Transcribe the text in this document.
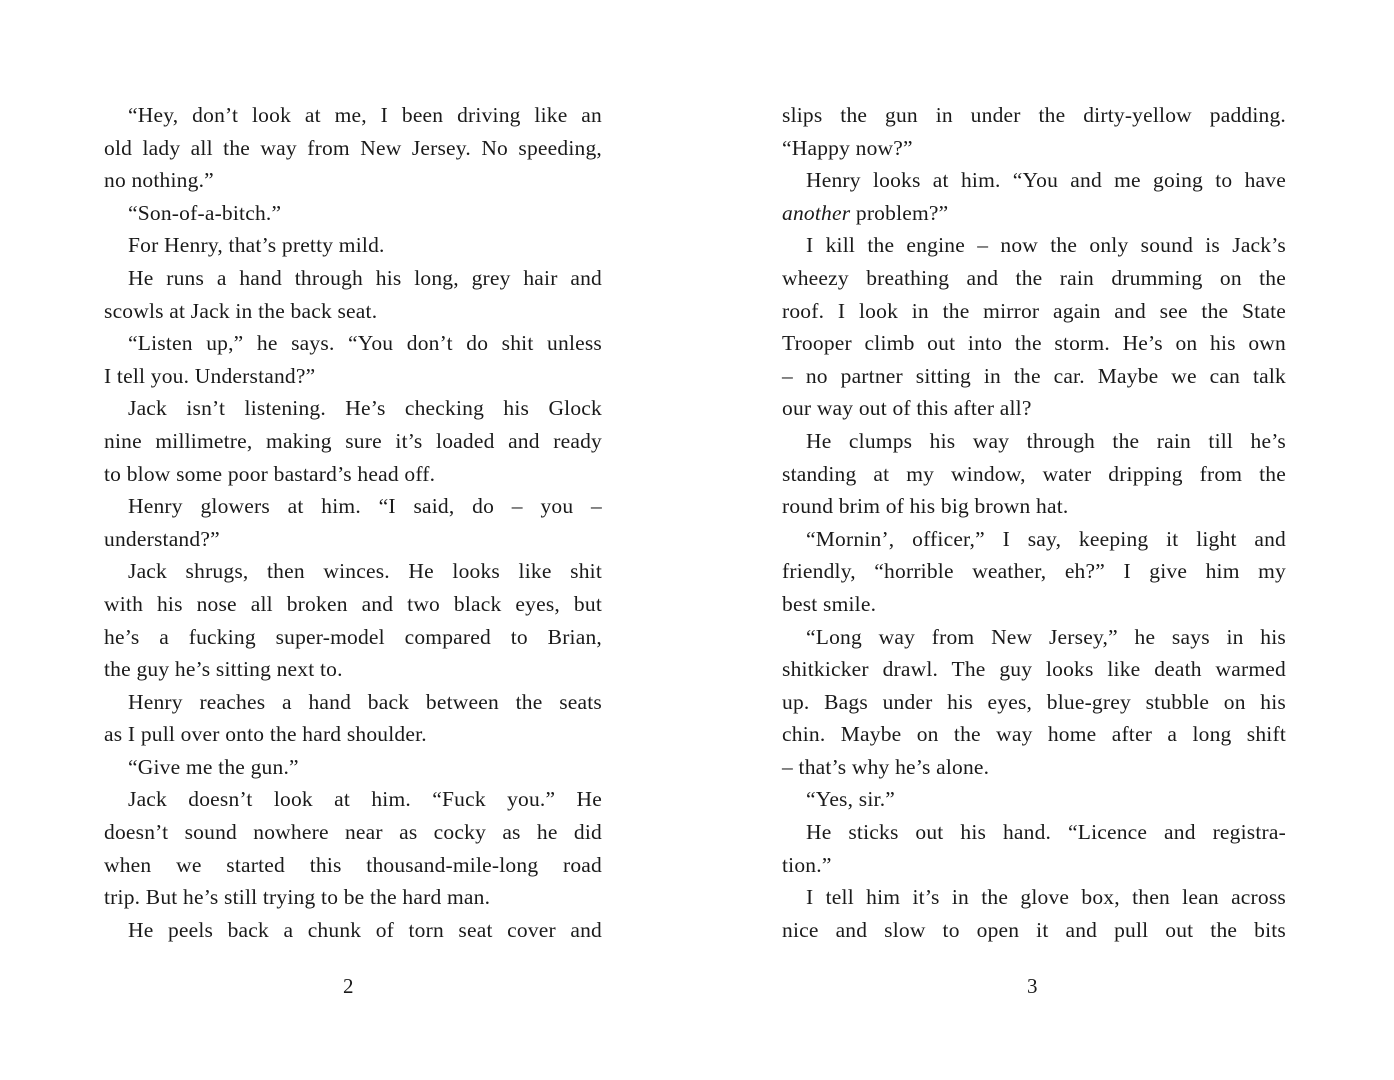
“Hey, don’t look at me, I been driving like an
old lady all the way from New Jersey. No speeding,
no nothing.”
“Son-of-a-bitch.”
For Henry, that’s pretty mild.
He runs a hand through his long, grey hair and
scowls at Jack in the back seat.
“Listen up,” he says. “You don’t do shit unless
I tell you. Understand?”
Jack isn’t listening. He’s checking his Glock
nine millimetre, making sure it’s loaded and ready
to blow some poor bastard’s head off.
Henry glowers at him. “I said, do – you –
understand?”
Jack shrugs, then winces. He looks like shit
with his nose all broken and two black eyes, but
he’s a fucking super-model compared to Brian,
the guy he’s sitting next to.
Henry reaches a hand back between the seats
as I pull over onto the hard shoulder.
“Give me the gun.”
Jack doesn’t look at him. “Fuck you.” He
doesn’t sound nowhere near as cocky as he did
when we started this thousand-mile-long road
trip. But he’s still trying to be the hard man.
He peels back a chunk of torn seat cover and
slips the gun in under the dirty-yellow padding.
“Happy now?”
Henry looks at him. “You and me going to have
another problem?”
I kill the engine – now the only sound is Jack’s
wheezy breathing and the rain drumming on the
roof. I look in the mirror again and see the State
Trooper climb out into the storm. He’s on his own
– no partner sitting in the car. Maybe we can talk
our way out of this after all?
He clumps his way through the rain till he’s
standing at my window, water dripping from the
round brim of his big brown hat.
“Mornin’, officer,” I say, keeping it light and
friendly, “horrible weather, eh?” I give him my
best smile.
“Long way from New Jersey,” he says in his
shitkicker drawl. The guy looks like death warmed
up. Bags under his eyes, blue-grey stubble on his
chin. Maybe on the way home after a long shift
– that’s why he’s alone.
“Yes, sir.”
He sticks out his hand. “Licence and registra-
tion.”
I tell him it’s in the glove box, then lean across
nice and slow to open it and pull out the bits
2	3
